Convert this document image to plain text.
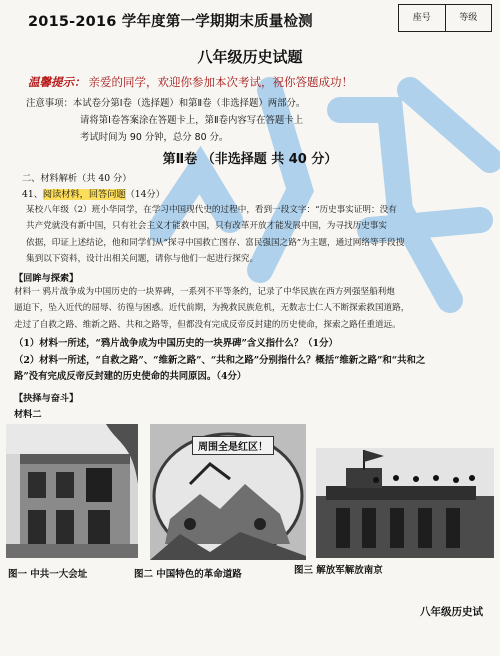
2015-2016 学年度第一学期期末质量检测	座号	等级
八年级历史试题
温馨提示： 亲爱的同学，欢迎你参加本次考试，祝你答题成功！
注意事项：本试卷分第Ⅰ卷（选择题）和第Ⅱ卷（非选择题）两部分。
请将第Ⅰ卷答案涂在答题卡上，第Ⅱ卷内容写在答题卡上
考试时间为 90 分钟，总分 80 分。
第Ⅱ卷 （非选择题 共 40 分）
二、材料解析（共 40 分）
41、阅读材料，回答问题（14分）
某校八年级（2）班小华同学，在学习中国现代史的过程中，看到一段文字：“历史事实证明：没有
共产党就没有新中国，只有社会主义才能救中国，只有改革开放才能发展中国，为寻找历史事实
依据，印证上述结论，他和同学们从“探寻中国救亡图存、富民强国之路”为主题，通过网络等手段搜
集到以下资料，设计出相关问题，请你与他们一起进行探究。
【回眸与探索】
材料一 鸦片战争成为中国历史的一块界碑，一系列不平等条约，记录了中华民族在西方列强坚船利炮
逼迫下，坠入近代的屈辱、彷徨与困惑。近代前期，为挽救民族危机，无数志士仁人不断探索救国道路，
走过了自救之路、维新之路、共和之路等，但都没有完成反帝反封建的历史使命，探索之路任重道远。
（1）材料一所述，“鸦片战争成为中国历史的一块界碑”含义指什么？（1分）
（2）材料一所述，“自救之路”、“维新之路”、“共和之路”分别指什么？概括“维新之路”和“共和之
路”没有完成反帝反封建的历史使命的共同原因。（4分）
【抉择与奋斗】
材料二
周围全是红区！
图一 中共一大会址	图二 中国特色的革命道路	图三 解放军解放南京
八年级历史试
